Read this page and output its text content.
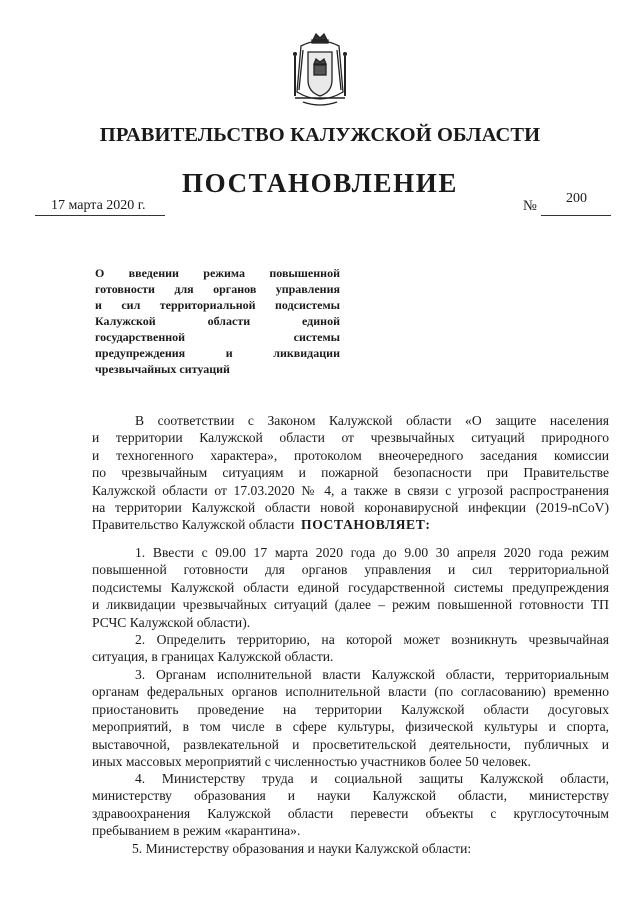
ПРАВИТЕЛЬСТВО КАЛУЖСКОЙ ОБЛАСТИ
ПОСТАНОВЛЕНИЕ
17 марта 2020 г.	№ 200
О введении режима повышенной
готовности для органов управления
и сил территориальной подсистемы
Калужской области единой
государственной системы
предупреждения и ликвидации
чрезвычайных ситуаций
В соответствии с Законом Калужской области «О защите населения
и территории Калужской области от чрезвычайных ситуаций природного
и техногенного характера», протоколом внеочередного заседания комиссии
по чрезвычайным ситуациям и пожарной безопасности при Правительстве
Калужской области от 17.03.2020 № 4, а также в связи с угрозой распространения
на территории Калужской области новой коронавирусной инфекции (2019-nCoV)
Правительство Калужской области ПОСТАНОВЛЯЕТ:
1. Ввести с 09.00 17 марта 2020 года до 9.00 30 апреля 2020 года режим
повышенной готовности для органов управления и сил территориальной
подсистемы Калужской области единой государственной системы предупреждения
и ликвидации чрезвычайных ситуаций (далее – режим повышенной готовности ТП
РСЧС Калужской области).
2. Определить территорию, на которой может возникнуть чрезвычайная
ситуация, в границах Калужской области.
3. Органам исполнительной власти Калужской области, территориальным
органам федеральных органов исполнительной власти (по согласованию) временно
приостановить проведение на территории Калужской области досуговых
мероприятий, в том числе в сфере культуры, физической культуры и спорта,
выставочной, развлекательной и просветительской деятельности, публичных и
иных массовых мероприятий с численностью участников более 50 человек.
4. Министерству труда и социальной защиты Калужской области,
министерству образования и науки Калужской области, министерству
здравоохранения Калужской области перевести объекты с круглосуточным
пребыванием в режим «карантина».
5. Министерству образования и науки Калужской области:
